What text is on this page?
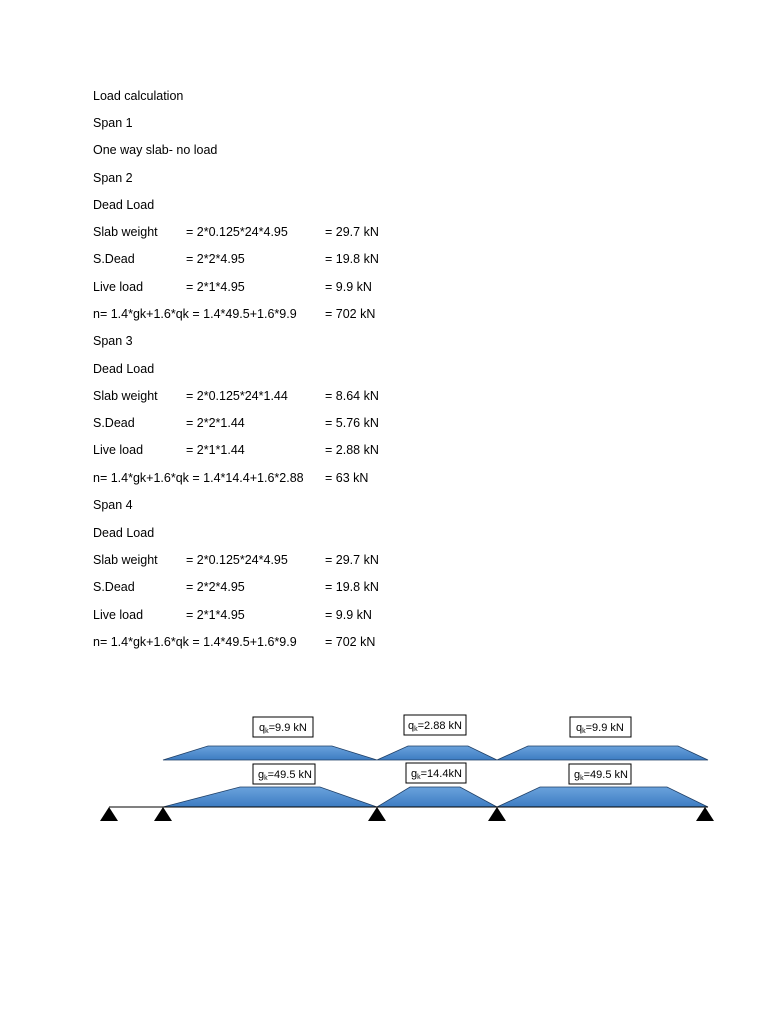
Load calculation
Span 1
One way slab- no load
Span 2
Dead Load
Slab weight = 2*0.125*24*4.95	= 29.7 kN
S.Dead	= 2*2*4.95	= 19.8 kN
Live load	= 2*1*4.95	= 9.9 kN
n= 1.4*gk+1.6*qk = 1.4*49.5+1.6*9.9 = 702 kN
Span 3
Dead Load
Slab weight = 2*0.125*24*1.44	= 8.64 kN
S.Dead	= 2*2*1.44	= 5.76 kN
Live load	= 2*1*1.44	= 2.88 kN
n= 1.4*gk+1.6*qk = 1.4*14.4+1.6*2.88 = 63 kN
Span 4
Dead Load
Slab weight = 2*0.125*24*4.95	= 29.7 kN
S.Dead	= 2*2*4.95	= 19.8 kN
Live load	= 2*1*4.95	= 9.9 kN
n= 1.4*gk+1.6*qk = 1.4*49.5+1.6*9.9 = 702 kN
qk=9.9 kN	qk=2.88 kN	qk=9.9 kN
gk=49.5 kN	gk=14.4kN	gk=49.5 kN
